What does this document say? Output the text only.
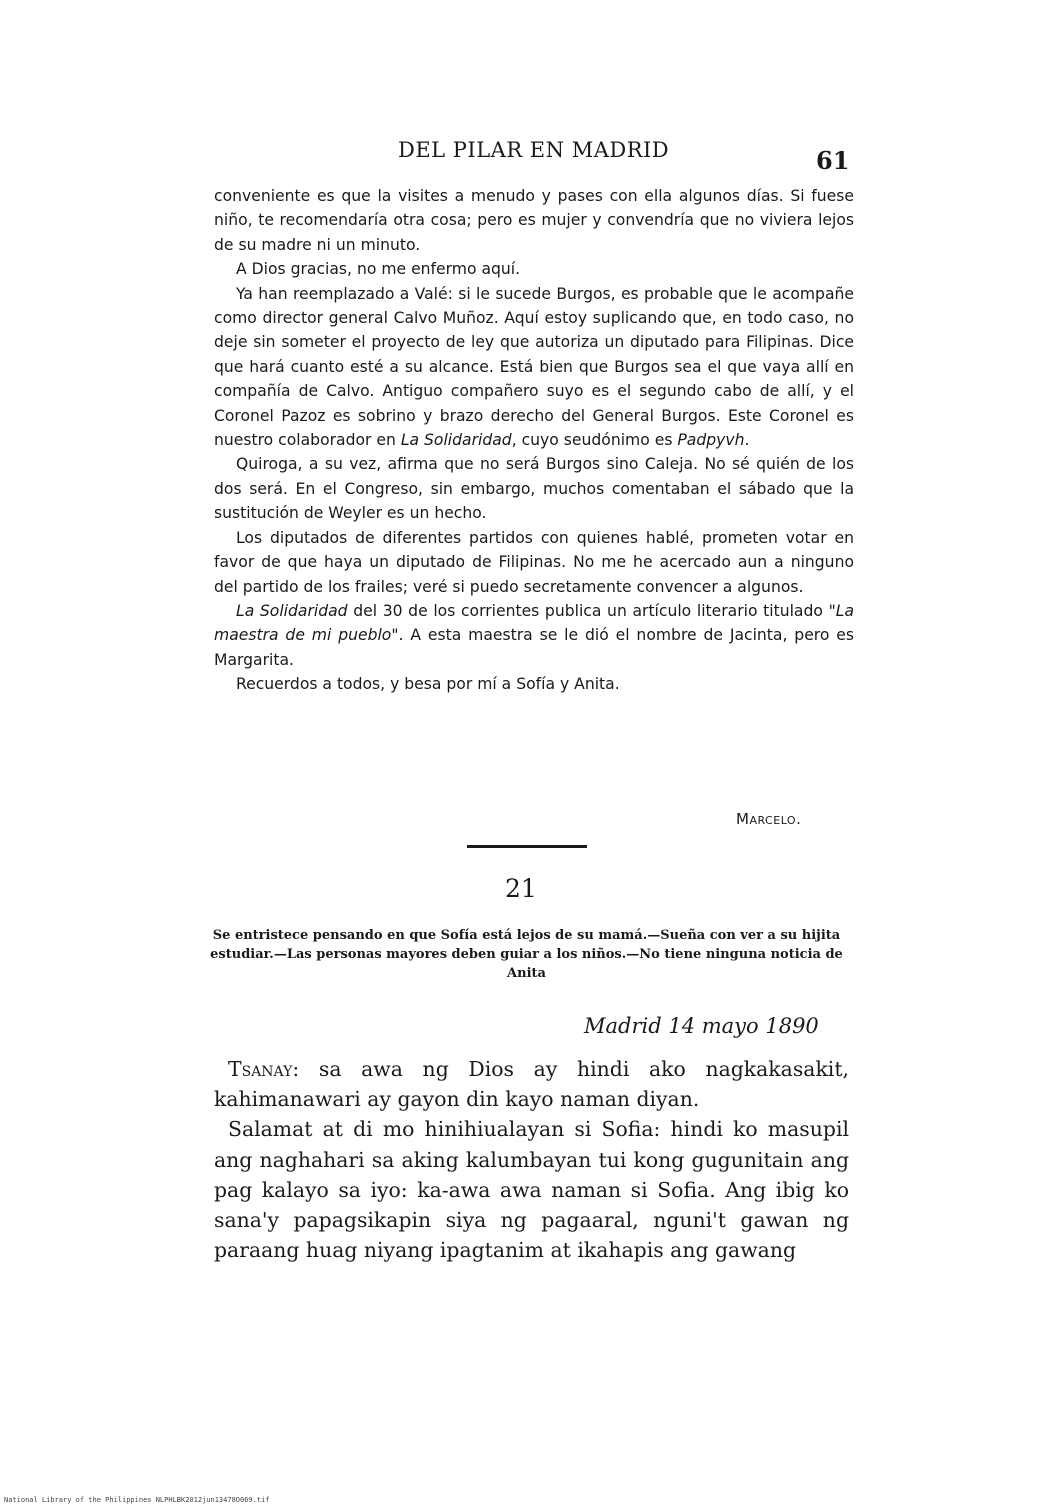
DEL PILAR EN MADRID	61

conveniente es que la visites a menudo y pases con ella algunos días. Si fuese niño, te recomendaría otra cosa; pero es mujer y convendría que no viviera lejos de su madre ni un minuto.

A Dios gracias, no me enfermo aquí.

Ya han reemplazado a Valé: si le sucede Burgos, es probable que le acompañe como director general Calvo Muñoz. Aquí estoy suplicando que, en todo caso, no deje sin someter el proyecto de ley que autoriza un diputado para Filipinas. Dice que hará cuanto esté a su alcance. Está bien que Burgos sea el que vaya allí en compañía de Calvo. Antiguo compañero suyo es el segundo cabo de allí, y el Coronel Pazoz es sobrino y brazo derecho del General Burgos. Este Coronel es nuestro colaborador en La Solidaridad, cuyo seudónimo es Padpyvh.

Quiroga, a su vez, afirma que no será Burgos sino Caleja. No sé quién de los dos será. En el Congreso, sin embargo, muchos comentaban el sábado que la sustitución de Weyler es un hecho.

Los diputados de diferentes partidos con quienes hablé, prometen votar en favor de que haya un diputado de Filipinas. No me he acercado aun a ninguno del partido de los frailes; veré si puedo secretamente convencer a algunos.

La Solidaridad del 30 de los corrientes publica un artículo literario titulado "La maestra de mi pueblo". A esta maestra se le dió el nombre de Jacinta, pero es Margarita.

Recuerdos a todos, y besa por mí a Sofía y Anita.

Marcelo.
21
Se entristece pensando en que Sofía está lejos de su mamá.—Sueña con ver a su hijita estudiar.—Las personas mayores deben guiar a los niños.—No tiene ninguna noticia de Anita
Madrid 14 mayo 1890

Tsanay: sa awa ng Dios ay hindi ako nagkakasakit, kahimanawari ay gayon din kayo naman diyan.

Salamat at di mo hinihiualayan si Sofia: hindi ko masupil ang naghahari sa aking kalumbayan tui kong gugunitain ang pag kalayo sa iyo: ka-awa awa naman si Sofia. Ang ibig ko sana'y papagsikapin siya ng pagaaral, nguni't gawan ng paraang huag niyang ipagtanim at ikahapis ang gawang

National Library of the Philippines NLPHLBK2012jun13478O069.tif
